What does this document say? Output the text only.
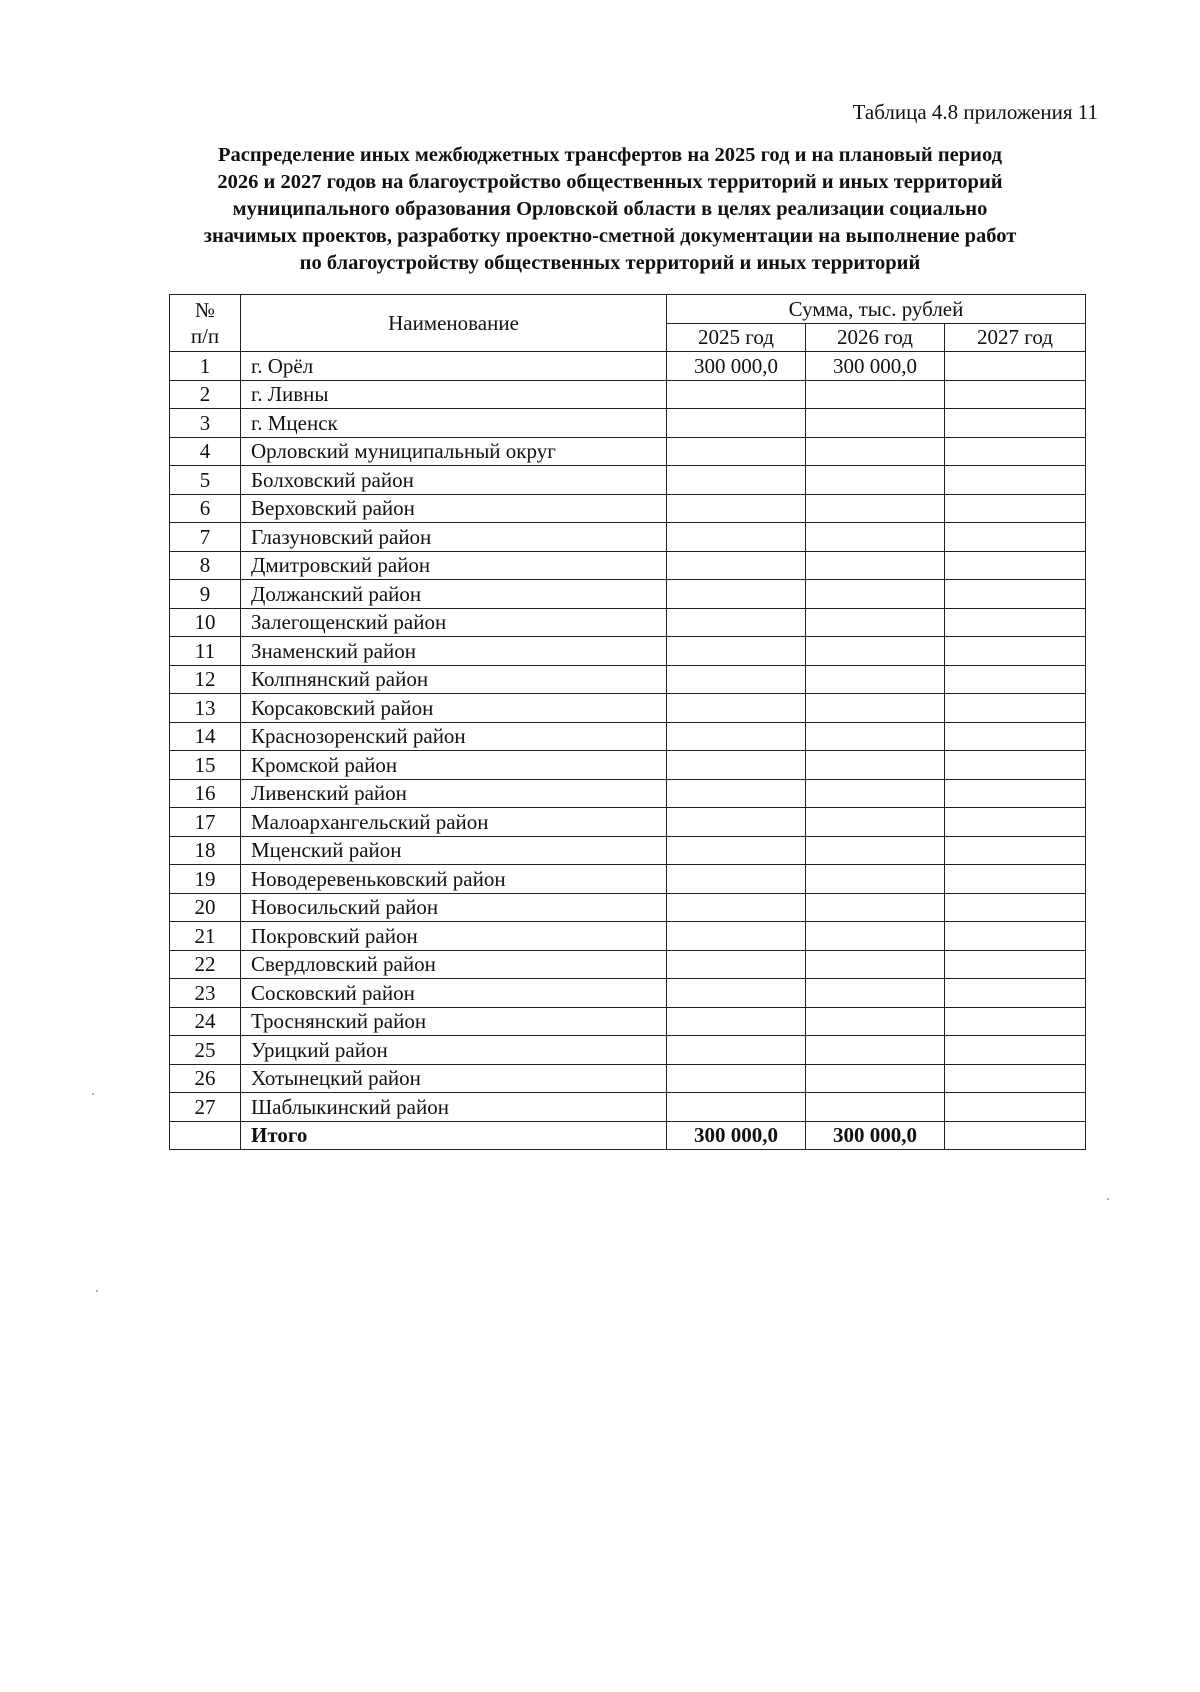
Таблица 4.8 приложения 11
Распределение иных межбюджетных трансфертов на 2025 год и на плановый период
2026 и 2027 годов на благоустройство общественных территорий и иных территорий
муниципального образования Орловской области в целях реализации социально
значимых проектов, разработку проектно-сметной документации на выполнение работ
по благоустройству общественных территорий и иных территорий
№
п/п	Наименование	Сумма, тыс. рублей		
		2025 год	2026 год	2027 год
1	г. Орёл	300 000,0	300 000,0	
2	г. Ливны			
3	г. Мценск			
4	Орловский муниципальный округ			
5	Болховский район			
6	Верховский район			
7	Глазуновский район			
8	Дмитровский район			
9	Должанский район			
10	Залегощенский район			
11	Знаменский район			
12	Колпнянский район			
13	Корсаковский район			
14	Краснозоренский район			
15	Кромской район			
16	Ливенский район			
17	Малоархангельский район			
18	Мценский район			
19	Новодеревеньковский район			
20	Новосильский район			
21	Покровский район			
22	Свердловский район			
23	Сосковский район			
24	Троснянский район			
25	Урицкий район			
26	Хотынецкий район			
27	Шаблыкинский район			
	Итого	300 000,0	300 000,0	
